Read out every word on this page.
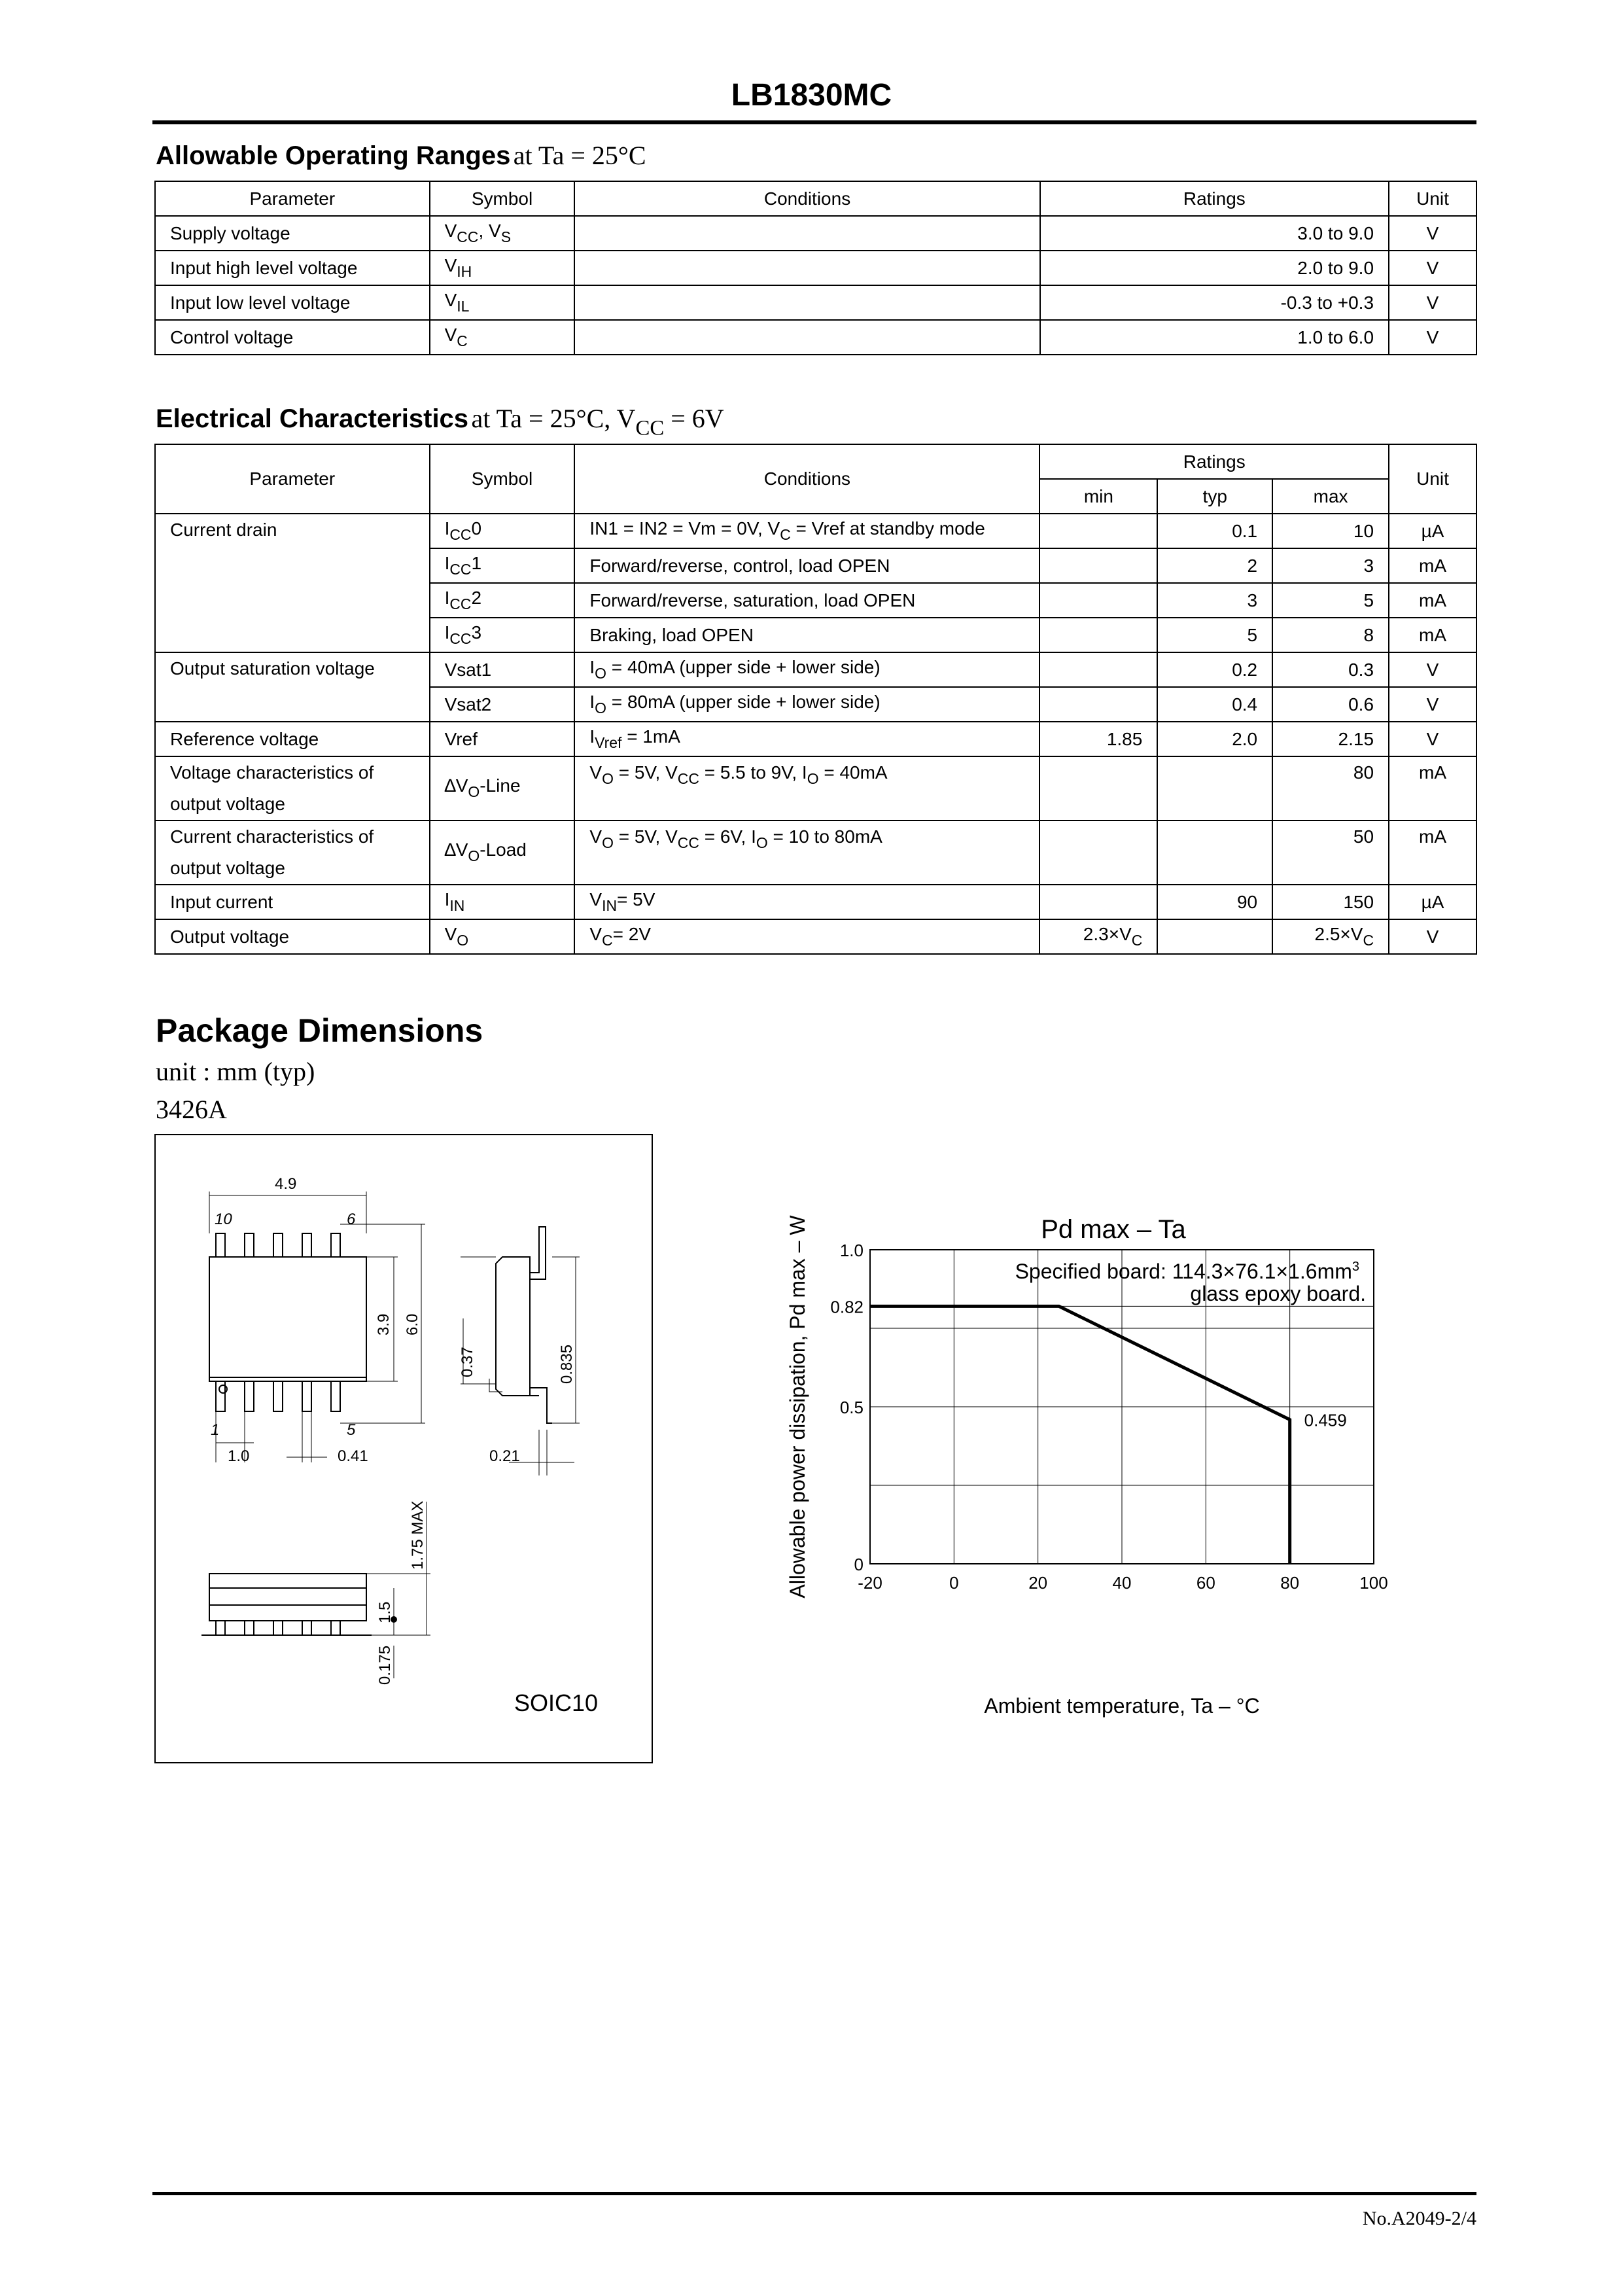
LB1830MC
Allowable Operating Ranges at Ta = 25°C
Parameter	Symbol	Conditions	Ratings	Unit
Supply voltage	$V_{CC}$, $V_S$		3.0 to 9.0	V
Input high level voltage	$V_{IH}$		2.0 to 9.0	V
Input low level voltage	$V_{IL}$		-0.3 to +0.3	V
Control voltage	$V_C$		1.0 to 6.0	V
Electrical Characteristics at Ta = 25°C, $V_{CC} = 6V$
Parameter	Symbol	Conditions	Ratings			Unit
			min	typ	max	
Current drain	$I_{CC}0$	IN1 = IN2 = Vm = 0V, $V_C$ = Vref at standby mode		0.1	10	µA
	$I_{CC}1$	Forward/reverse, control, load OPEN		2	3	mA
	$I_{CC}2$	Forward/reverse, saturation, load OPEN		3	5	mA
	$I_{CC}3$	Braking, load OPEN		5	8	mA
Output saturation voltage	Vsat1	$I_O = 40mA$ (upper side + lower side)		0.2	0.3	V
	Vsat2	$I_O = 80mA$ (upper side + lower side)		0.4	0.6	V
Reference voltage	Vref	$I_{Vref} = 1mA$	1.85	2.0	2.15	V
Voltage characteristics of
output voltage	$\Delta V_O$-Line	$V_O = 5V$, $V_{CC} = 5.5$ to 9V, $I_O = 40mA$			80	mA
Current characteristics of
output voltage	$\Delta V_O$-Load	$V_O = 5V$, $V_{CC} = 6V$, $I_O = 10$ to 80mA			50	mA
Input current	$I_{IN}$	$V_{IN}= 5V$		90	150	µA
Output voltage	$V_O$	$V_C= 2V$	$2.3\times V_C$		$2.5\times V_C$	V
Package Dimensions
unit : mm (typ)
3426A
4.9
10	6
1	5
1.0	0.41	0.21
3.9 6.0
0.37	0.835
1.75 MAX
1.5
0.175
SOIC10
-20	0	20	40	60	80	100
1.0
0.82
0.5
0
0.459
Pd max – Ta
Specified board: $114.3\times 76.1\times 1.6mm^3$
glass epoxy board.
Ambient temperature, Ta – °C
Allowable power dissipation, Pd max – W
No.A2049-2/4
